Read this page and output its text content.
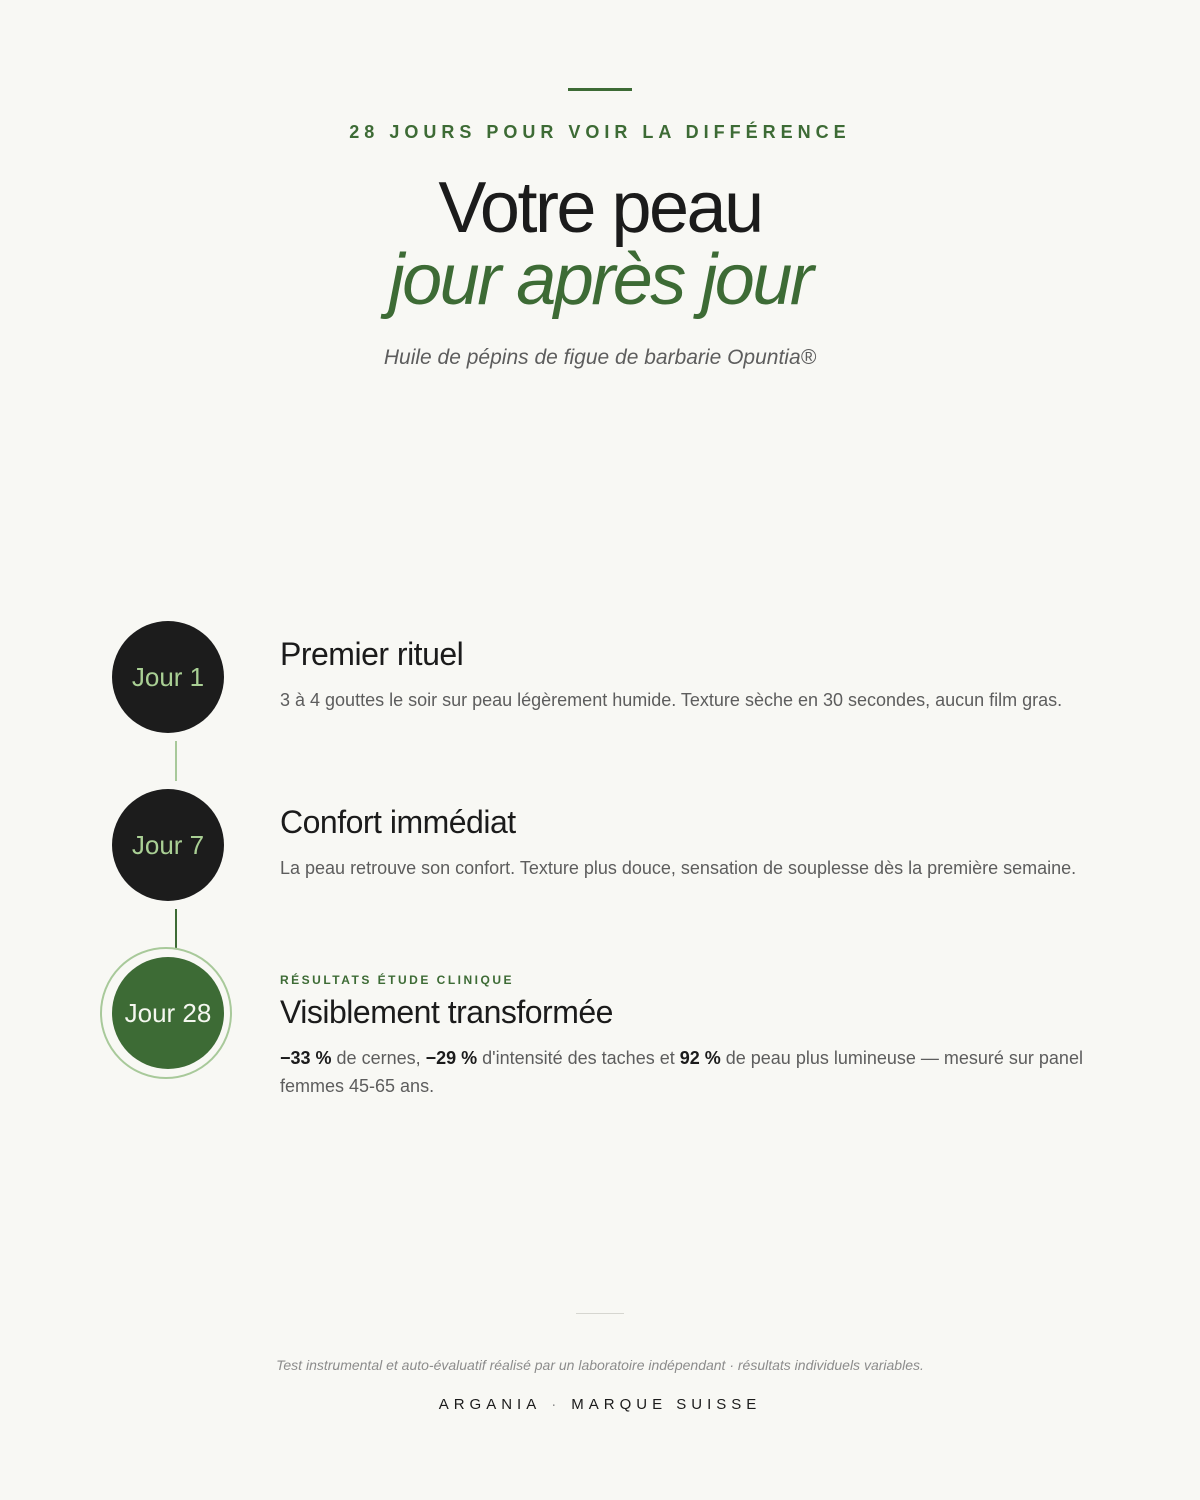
28 JOURS POUR VOIR LA DIFFÉRENCE
Votre peau
jour après jour
Huile de pépins de figue de barbarie Opuntia®
Jour 1
Premier rituel
3 à 4 gouttes le soir sur peau légèrement humide. Texture sèche en 30 secondes, aucun film gras.
Jour 7
Confort immédiat
La peau retrouve son confort. Texture plus douce, sensation de souplesse dès la première semaine.
Jour 28
RÉSULTATS ÉTUDE CLINIQUE
Visiblement transformée
−33 % de cernes, −29 % d'intensité des taches et 92 % de peau plus lumineuse — mesuré sur panel femmes 45-65 ans.
Test instrumental et auto-évaluatif réalisé par un laboratoire indépendant · résultats individuels variables.
ARGANIA · MARQUE SUISSE
